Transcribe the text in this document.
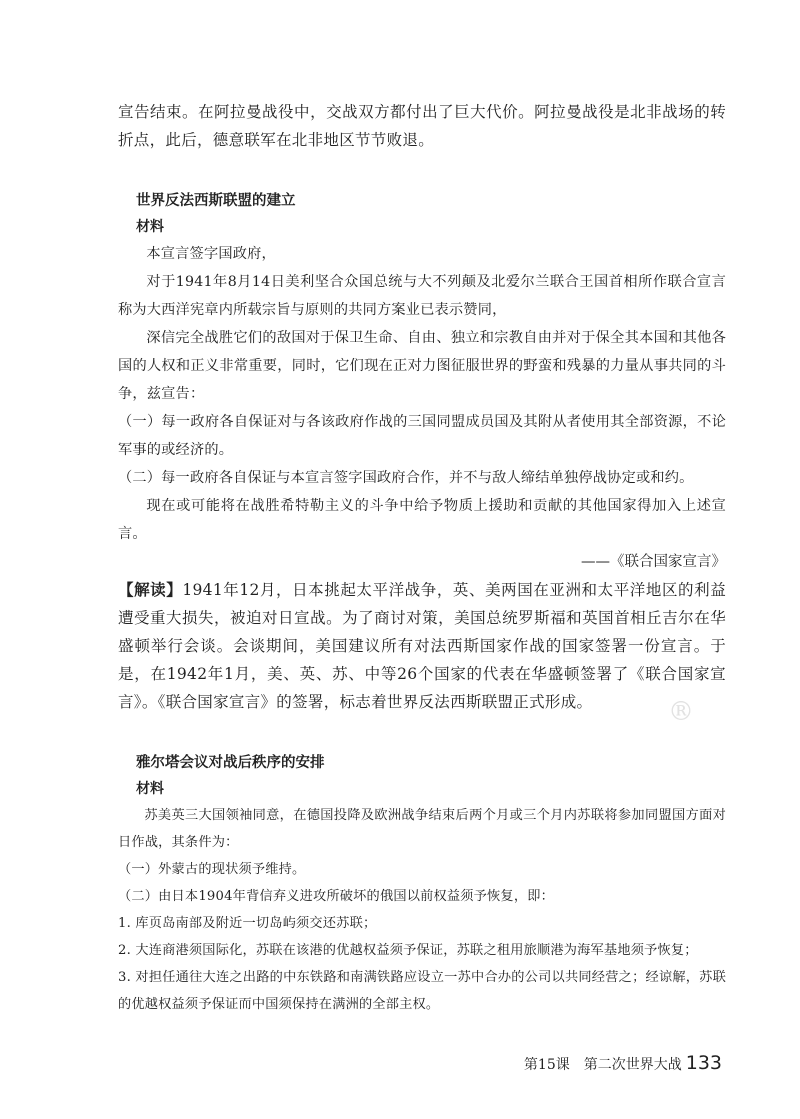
®

宣告结束。在阿拉曼战役中，交战双方都付出了巨大代价。阿拉曼战役是北非战场的转折点，此后，德意联军在北非地区节节败退。

世界反法西斯联盟的建立

材料

本宣言签字国政府，

对于1941年8月14日美利坚合众国总统与大不列颠及北爱尔兰联合王国首相所作联合宣言称为大西洋宪章内所载宗旨与原则的共同方案业已表示赞同，

深信完全战胜它们的敌国对于保卫生命、自由、独立和宗教自由并对于保全其本国和其他各国的人权和正义非常重要，同时，它们现在正对力图征服世界的野蛮和残暴的力量从事共同的斗争，兹宣告：

（一）每一政府各自保证对与各该政府作战的三国同盟成员国及其附从者使用其全部资源，不论军事的或经济的。

（二）每一政府各自保证与本宣言签字国政府合作，并不与敌人缔结单独停战协定或和约。

现在或可能将在战胜希特勒主义的斗争中给予物质上援助和贡献的其他国家得加入上述宣言。

——《联合国家宣言》

【解读】1941年12月，日本挑起太平洋战争，英、美两国在亚洲和太平洋地区的利益遭受重大损失，被迫对日宣战。为了商讨对策，美国总统罗斯福和英国首相丘吉尔在华盛顿举行会谈。会谈期间，美国建议所有对法西斯国家作战的国家签署一份宣言。于是，在1942年1月，美、英、苏、中等26个国家的代表在华盛顿签署了《联合国家宣言》。《联合国家宣言》的签署，标志着世界反法西斯联盟正式形成。

雅尔塔会议对战后秩序的安排

材料

苏美英三大国领袖同意，在德国投降及欧洲战争结束后两个月或三个月内苏联将参加同盟国方面对日作战，其条件为：

（一）外蒙古的现状须予维持。

（二）由日本1904年背信弃义进攻所破坏的俄国以前权益须予恢复，即：

1. 库页岛南部及附近一切岛屿须交还苏联；

2. 大连商港须国际化，苏联在该港的优越权益须予保证，苏联之租用旅顺港为海军基地须予恢复；

3. 对担任通往大连之出路的中东铁路和南满铁路应设立一苏中合办的公司以共同经营之；经谅解，苏联的优越权益须予保证而中国须保持在满洲的全部主权。

第15课　第二次世界大战 133
